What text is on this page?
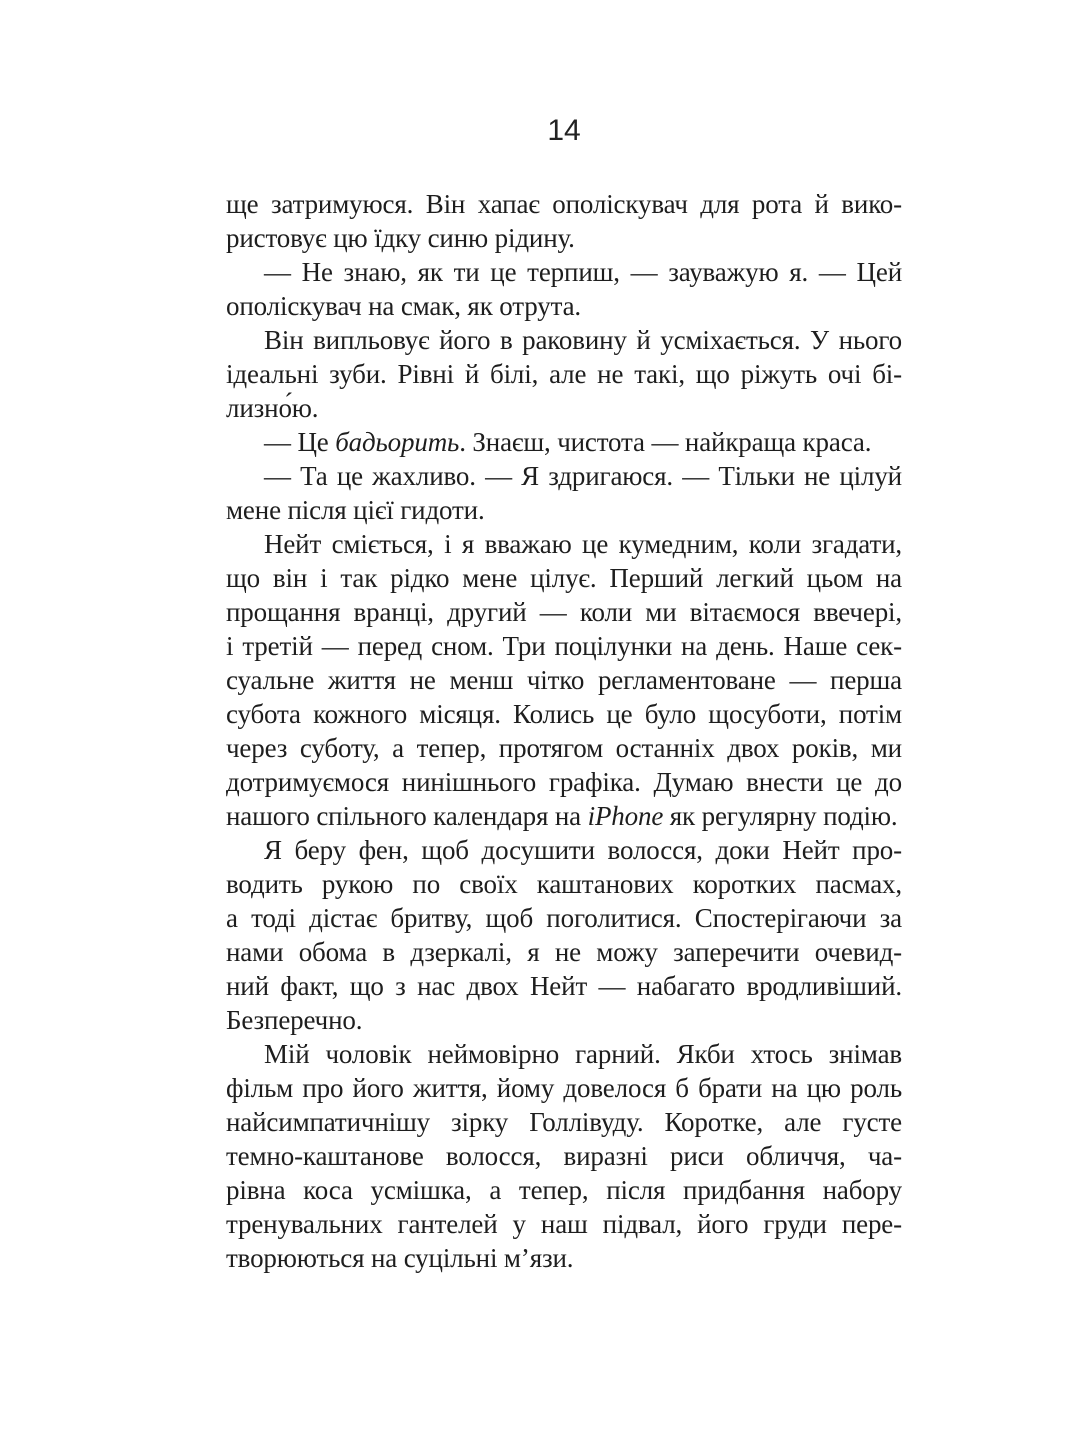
14
ще затримуюся. Він хапає ополіскувач для рота й вико-
ристовує цю їдку синю рідину.
— Не знаю, як ти це терпиш, — зауважую я. — Цей
ополіскувач на смак, як отрута.
Він випльовує його в раковину й усміхається. У нього
ідеальні зуби. Рівні й білі, але не такі, що ріжуть очі бі-
лизно́ю.
— Це бадьорить. Знаєш, чистота — найкраща краса.
— Та це жахливо. — Я здригаюся. — Тільки не цілуй
мене після цієї гидоти.
Нейт сміється, і я вважаю це кумедним, коли згадати,
що він і так рідко мене цілує. Перший легкий цьом на
прощання вранці, другий — коли ми вітаємося ввечері,
і третій — перед сном. Три поцілунки на день. Наше сек-
суальне життя не менш чітко регламентоване — перша
субота кожного місяця. Колись це було щосуботи, потім
через суботу, а тепер, протягом останніх двох років, ми
дотримуємося нинішнього графіка. Думаю внести це до
нашого спільного календаря на iPhone як регулярну подію.
Я беру фен, щоб досушити волосся, доки Нейт про-
водить рукою по своїх каштанових коротких пасмах,
а тоді дістає бритву, щоб поголитися. Спостерігаючи за
нами обома в дзеркалі, я не можу заперечити очевид-
ний факт, що з нас двох Нейт — набагато вродливіший.
Безперечно.
Мій чоловік неймовірно гарний. Якби хтось знімав
фільм про його життя, йому довелося б брати на цю роль
найсимпатичнішу зірку Голлівуду. Коротке, але густе
темно-каштанове волосся, виразні риси обличчя, ча-
рівна коса усмішка, а тепер, після придбання набору
тренувальних гантелей у наш підвал, його груди пере-
творюються на суцільні м’язи.
